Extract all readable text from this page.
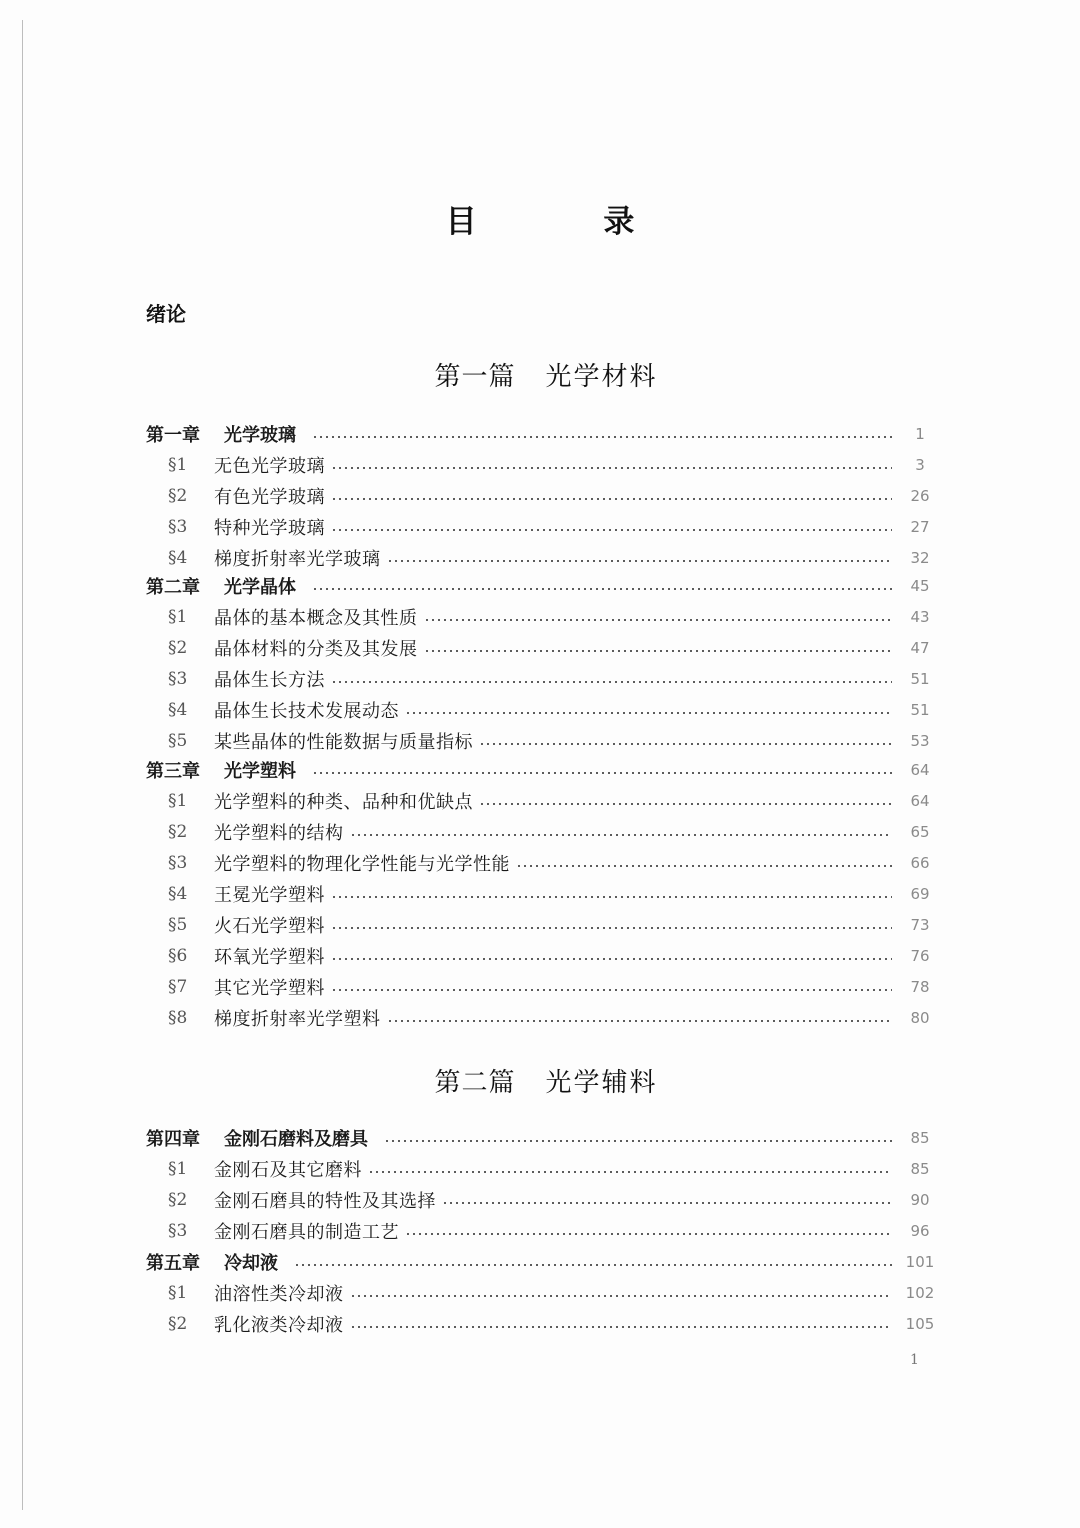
目 录
绪论
第一篇 光学材料
第一章	光学玻璃	1
§1	无色光学玻璃	3
§2	有色光学玻璃	26
§3	特种光学玻璃	27
§4	梯度折射率光学玻璃	32
第二章	光学晶体	45
§1	晶体的基本概念及其性质	43
§2	晶体材料的分类及其发展	47
§3	晶体生长方法	51
§4	晶体生长技术发展动态	51
§5	某些晶体的性能数据与质量指标	53
第三章	光学塑料	64
§1	光学塑料的种类、品种和优缺点	64
§2	光学塑料的结构	65
§3	光学塑料的物理化学性能与光学性能	66
§4	王冕光学塑料	69
§5	火石光学塑料	73
§6	环氧光学塑料	76
§7	其它光学塑料	78
§8	梯度折射率光学塑料	80
第二篇 光学辅料
第四章	金刚石磨料及磨具	85
§1	金刚石及其它磨料	85
§2	金刚石磨具的特性及其选择	90
§3	金刚石磨具的制造工艺	96
第五章	冷却液	101
§1	油溶性类冷却液	102
§2	乳化液类冷却液	105
1
